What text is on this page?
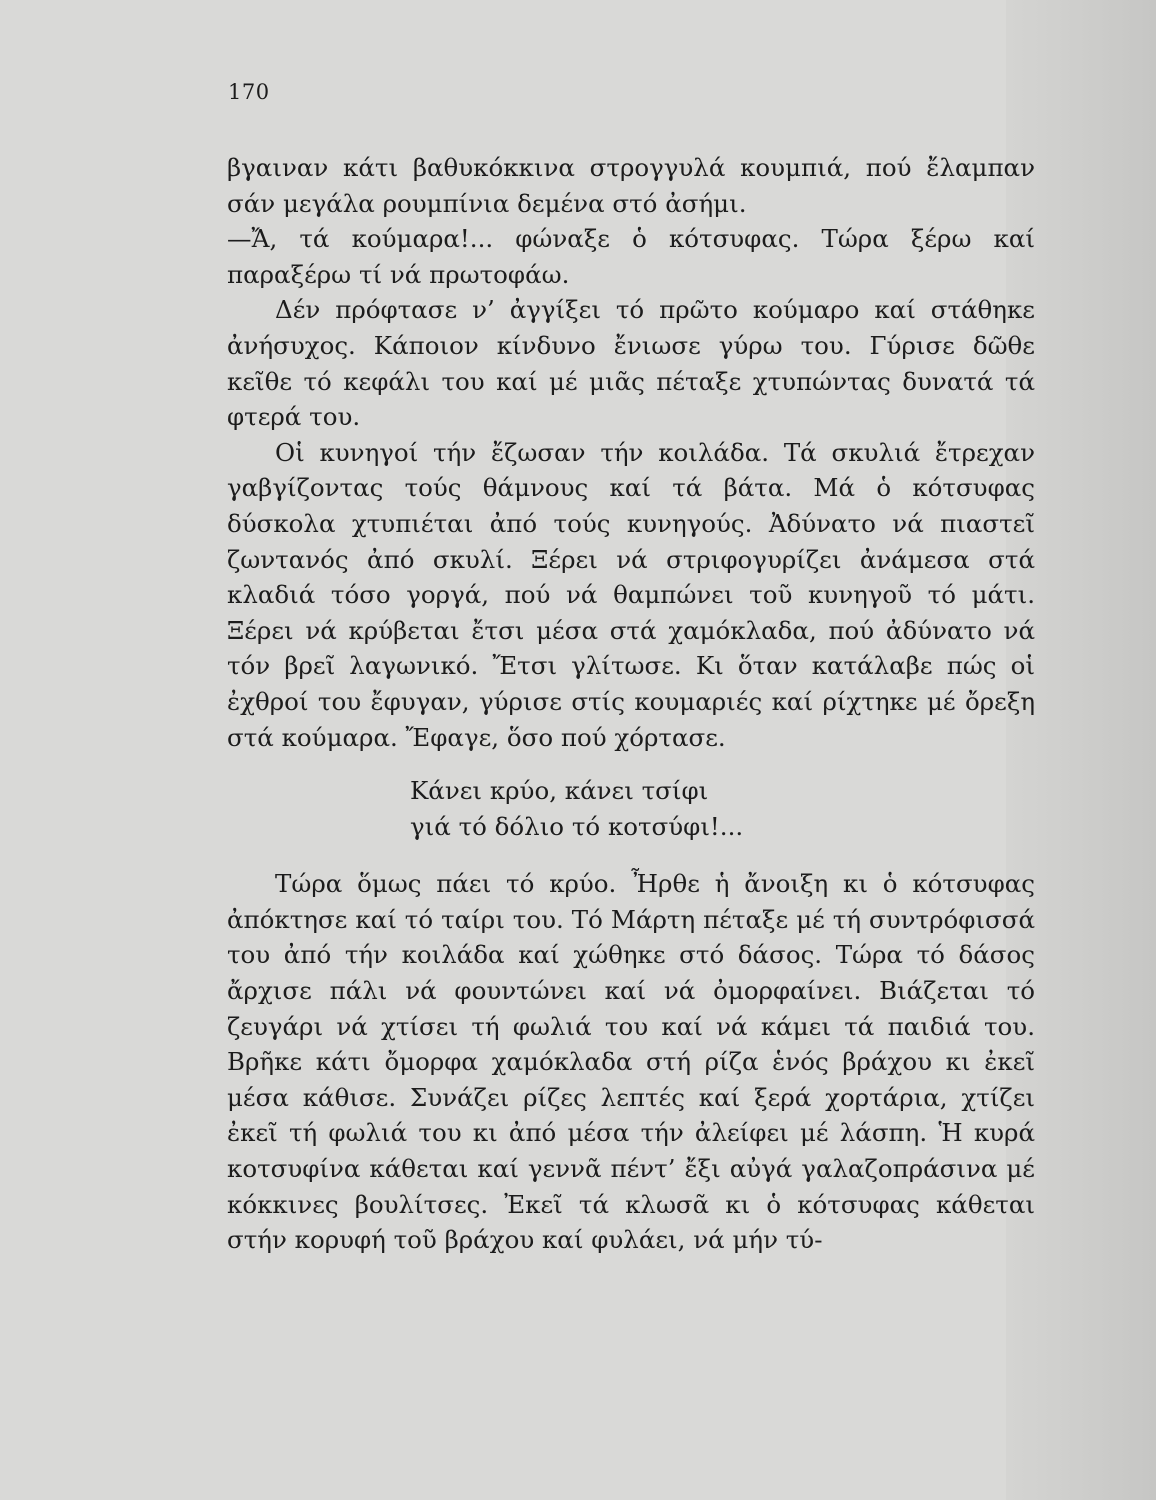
170

βγαιναν κάτι βαθυκόκκινα στρογγυλά κουμπιά, πού ἔλαμπαν σάν μεγάλα ρουμπίνια δεμένα στό ἀσήμι.

—Ἄ, τά κούμαρα!... φώναξε ὁ κότσυφας. Τώρα ξέρω καί παραξέρω τί νά πρωτοφάω.

Δέν πρόφτασε ν’ ἀγγίξει τό πρῶτο κούμαρο καί στάθηκε ἀνήσυχος. Κάποιον κίνδυνο ἔνιωσε γύρω του. Γύρισε δῶθε κεῖθε τό κεφάλι του καί μέ μιᾶς πέταξε χτυπώντας δυνατά τά φτερά του.

Οἱ κυνηγοί τήν ἔζωσαν τήν κοιλάδα. Τά σκυλιά ἔτρεχαν γαβγίζοντας τούς θάμνους καί τά βάτα. Μά ὁ κότσυφας δύσκολα χτυπιέται ἀπό τούς κυνηγούς. Ἀδύνατο νά πιαστεῖ ζωντανός ἀπό σκυλί. Ξέρει νά στριφογυρίζει ἀνάμεσα στά κλαδιά τόσο γοργά, πού νά θαμπώνει τοῦ κυνηγοῦ τό μάτι. Ξέρει νά κρύβεται ἔτσι μέσα στά χαμόκλαδα, πού ἀδύνατο νά τόν βρεῖ λαγωνικό. Ἔτσι γλίτωσε. Κι ὅταν κατάλαβε πώς οἱ ἐχθροί του ἔφυγαν, γύρισε στίς κουμαριές καί ρίχτηκε μέ ὄρεξη στά κούμαρα. Ἔφαγε, ὅσο πού χόρτασε.

Κάνει κρύο, κάνει τσίφι
γιά τό δόλιο τό κοτσύφι!...

Τώρα ὅμως πάει τό κρύο. Ἦρθε ἡ ἄνοιξη κι ὁ κότσυφας ἀπόκτησε καί τό ταίρι του. Τό Μάρτη πέταξε μέ τή συντρόφισσά του ἀπό τήν κοιλάδα καί χώθηκε στό δάσος. Τώρα τό δάσος ἄρχισε πάλι νά φουντώνει καί νά ὀμορφαίνει. Βιάζεται τό ζευγάρι νά χτίσει τή φωλιά του καί νά κάμει τά παιδιά του. Βρῆκε κάτι ὄμορφα χαμόκλαδα στή ρίζα ἑνός βράχου κι ἐκεῖ μέσα κάθισε. Συνάζει ρίζες λεπτές καί ξερά χορτάρια, χτίζει ἐκεῖ τή φωλιά του κι ἀπό μέσα τήν ἀλείφει μέ λάσπη. Ἡ κυρά κοτσυφίνα κάθεται καί γεννᾶ πέντ’ ἔξι αὐγά γαλαζοπράσινα μέ κόκκινες βουλίτσες. Ἐκεῖ τά κλωσᾶ κι ὁ κότσυφας κάθεται στήν κορυφή τοῦ βράχου καί φυλάει, νά μήν τύ-
